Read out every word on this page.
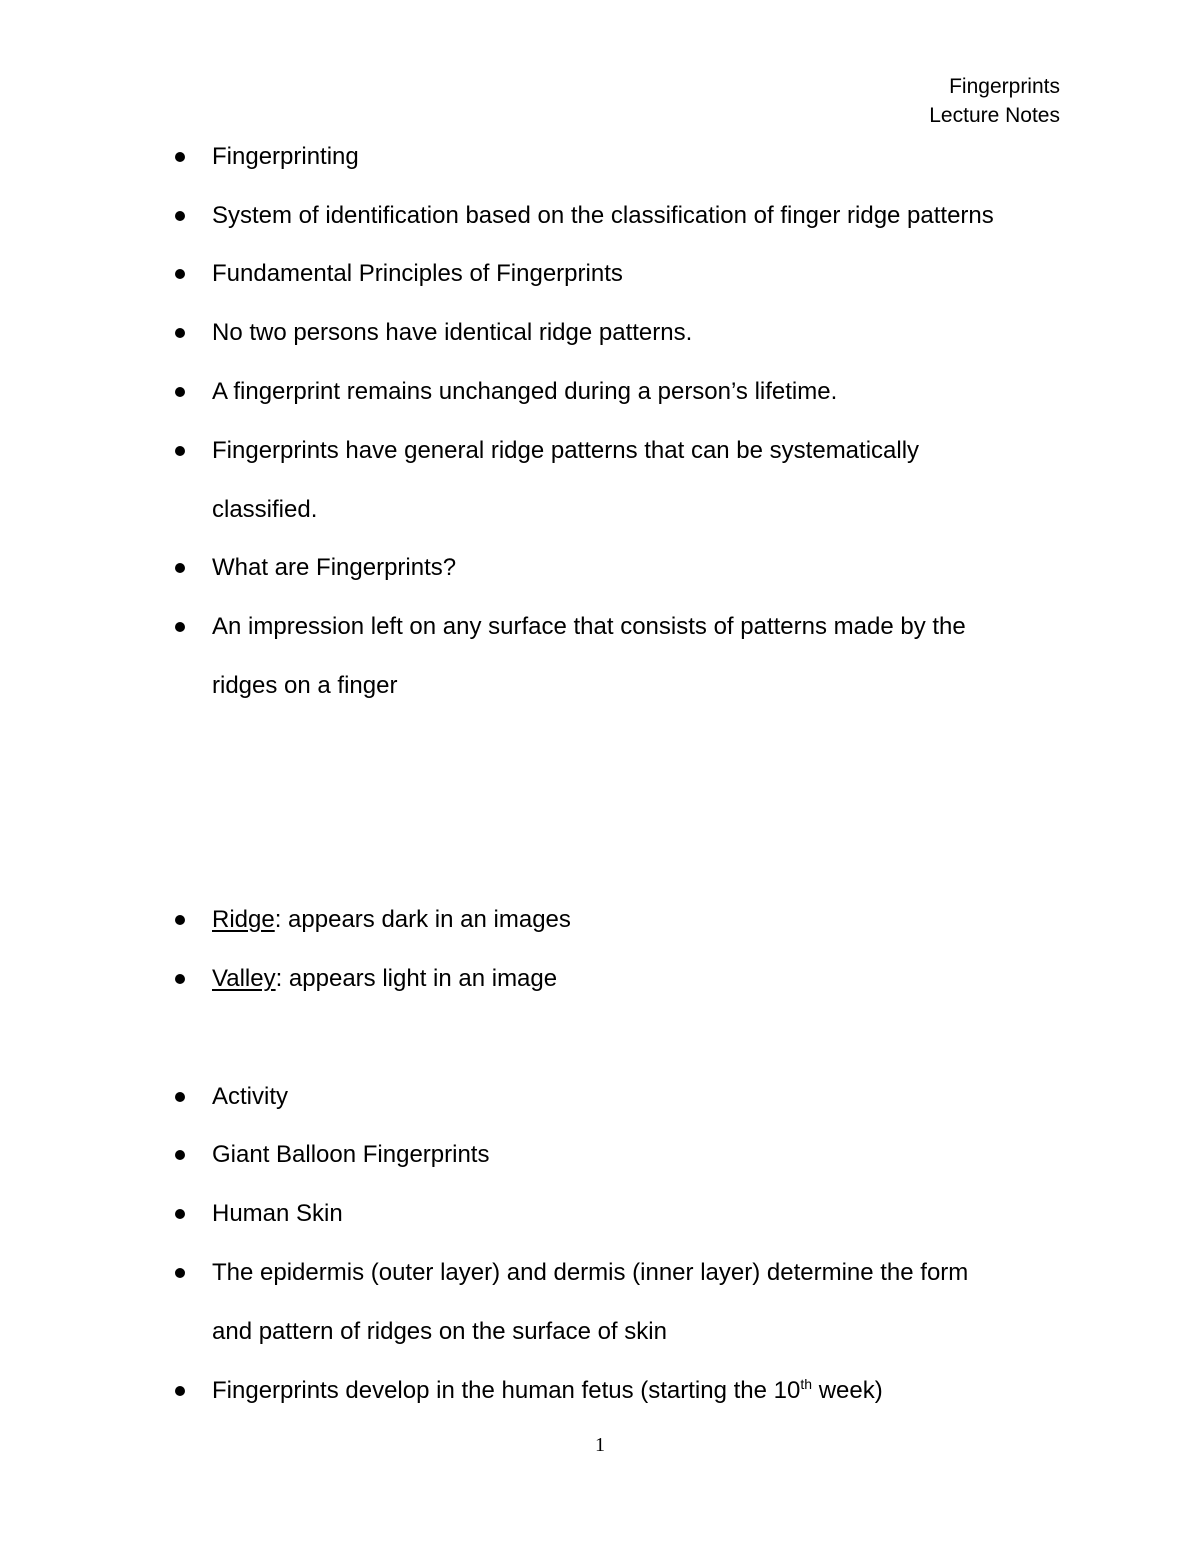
Fingerprints
Lecture Notes
Fingerprinting
System of identification based on the classification of finger ridge patterns
Fundamental Principles of Fingerprints
No two persons have identical ridge patterns.
A fingerprint remains unchanged during a person’s lifetime.
Fingerprints have general ridge patterns that can be systematically
classified.
What are Fingerprints?
An impression left on any surface that consists of patterns made by the
ridges on a finger
Ridge: appears dark in an images
Valley: appears light in an image
Activity
Giant Balloon Fingerprints
Human Skin
The epidermis (outer layer) and dermis (inner layer) determine the form
and pattern of ridges on the surface of skin
Fingerprints develop in the human fetus (starting the 10th week)
1
